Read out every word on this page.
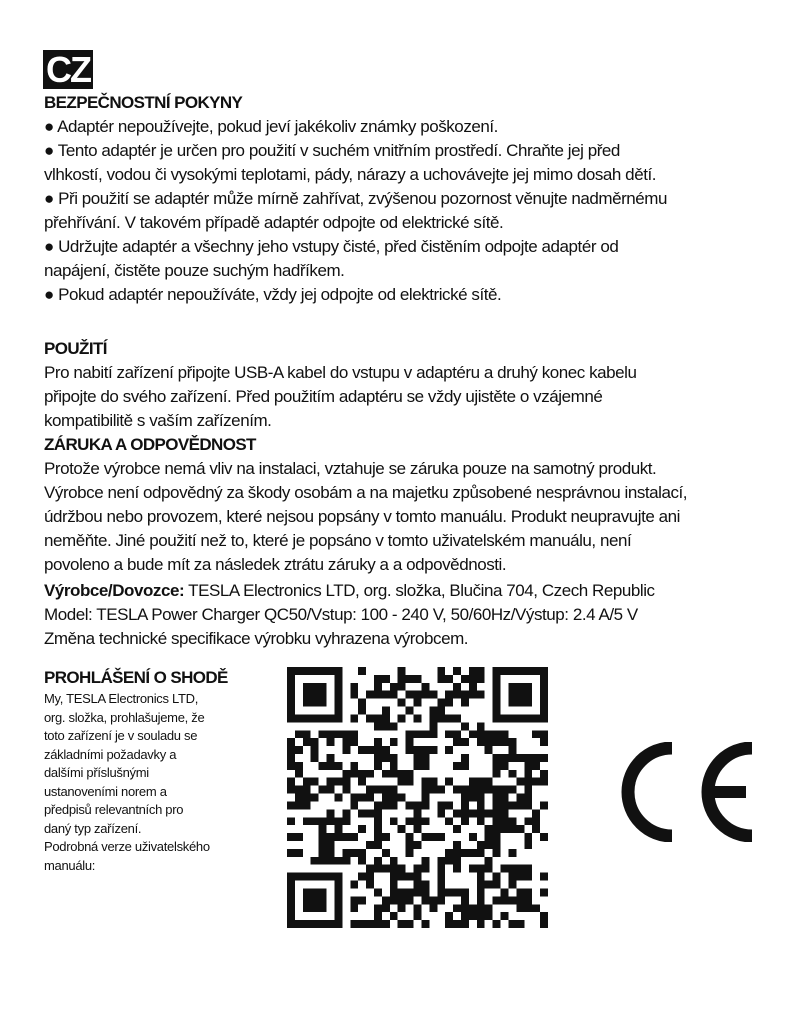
CZ
BEZPEČNOSTNÍ POKYNY
● Adaptér nepoužívejte, pokud jeví jakékoliv známky poškození.
● Tento adaptér je určen pro použití v suchém vnitřním prostředí. Chraňte jej před
vlhkostí, vodou či vysokými teplotami, pády, nárazy a uchovávejte jej mimo dosah dětí.
● Při použití se adaptér může mírně zahřívat, zvýšenou pozornost věnujte nadměrnému
přehřívání. V takovém případě adaptér odpojte od elektrické sítě.
● Udržujte adaptér a všechny jeho vstupy čisté, před čistěním odpojte adaptér od
napájení, čistěte pouze suchým hadříkem.
● Pokud adaptér nepoužíváte, vždy jej odpojte od elektrické sítě.
POUŽITÍ
Pro nabití zařízení připojte USB-A kabel do vstupu v adaptéru a druhý konec kabelu
připojte do svého zařízení. Před použitím adaptéru se vždy ujistěte o vzájemné
kompatibilitě s vaším zařízením.
ZÁRUKA A ODPOVĚDNOST
Protože výrobce nemá vliv na instalaci, vztahuje se záruka pouze na samotný produkt.
Výrobce není odpovědný za škody osobám a na majetku způsobené nesprávnou instalací,
údržbou nebo provozem, které nejsou popsány v tomto manuálu. Produkt neupravujte ani
neměňte. Jiné použití než to, které je popsáno v tomto uživatelském manuálu, není
povoleno a bude mít za následek ztrátu záruky a a odpovědnosti.
Výrobce/Dovozce: TESLA Electronics LTD, org. složka, Blučina 704, Czech Republic
Model: TESLA Power Charger QC50/Vstup: 100 - 240 V, 50/60Hz/Výstup: 2.4 A/5 V
Změna technické specifikace výrobku vyhrazena výrobcem.
PROHLÁŠENÍ O SHODĚ
My, TESLA Electronics LTD,
org. složka, prohlašujeme, že
toto zařízení je v souladu se
základními požadavky a
dalšími příslušnými
ustanoveními norem a
předpisů relevantních pro
daný typ zařízení.
Podrobná verze uživatelského
manuálu:
